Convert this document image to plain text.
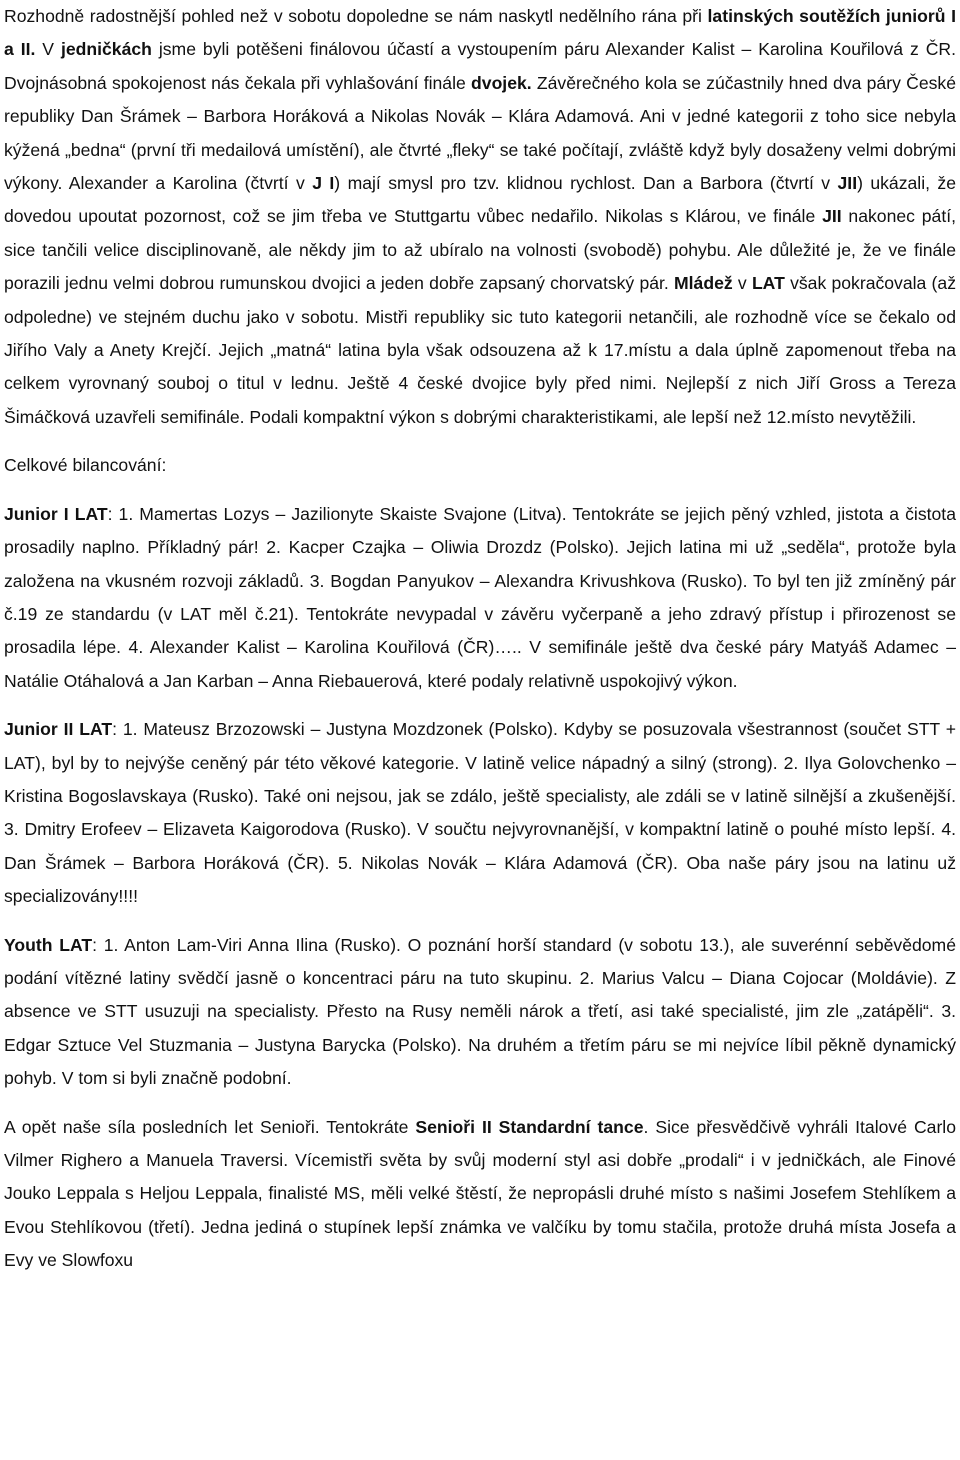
Rozhodně radostnější pohled než v sobotu dopoledne se nám naskytl nedělního rána při latinských soutěžích juniorů I a II. V jedničkách jsme byli potěšeni finálovou účastí a vystoupením páru Alexander Kalist – Karolina Kouřilová z ČR. Dvojnásobná spokojenost nás čekala při vyhlašování finále dvojek. Závěrečného kola se zúčastnily hned dva páry České republiky Dan Šrámek – Barbora Horáková a Nikolas Novák – Klára Adamová. Ani v jedné kategorii z toho sice nebyla kýžená „bedna“ (první tři medailová umístění), ale čtvrté „fleky“ se také počítají, zvláště když byly dosaženy velmi dobrými výkony. Alexander a Karolina (čtvrtí v J I) mají smysl pro tzv. klidnou rychlost. Dan a Barbora (čtvrtí v JII) ukázali, že dovedou upoutat pozornost, což se jim třeba ve Stuttgartu vůbec nedařilo. Nikolas s Klárou, ve finále JII nakonec pátí, sice tančili velice disciplinovaně, ale někdy jim to až ubíralo na volnosti (svobodě) pohybu. Ale důležité je, že ve finále porazili jednu velmi dobrou rumunskou dvojici a jeden dobře zapsaný chorvatský pár. Mládež v LAT však pokračovala (až odpoledne) ve stejném duchu jako v sobotu. Mistři republiky sic tuto kategorii netančili, ale rozhodně více se čekalo od Jiřího Valy a Anety Krejčí. Jejich „matná“ latina byla však odsouzena až k 17.místu a dala úplně zapomenout třeba na celkem vyrovnaný souboj o titul v lednu. Ještě 4 české dvojice byly před nimi. Nejlepší z nich Jiří Gross a Tereza Šimáčková uzavřeli semifinále. Podali kompaktní výkon s dobrými charakteristikami, ale lepší než 12.místo nevytěžili.

Celkové bilancování:

Junior I LAT: 1. Mamertas Lozys – Jazilionyte Skaiste Svajone (Litva). Tentokráte se jejich pěný vzhled, jistota a čistota prosadily naplno. Příkladný pár! 2. Kacper Czajka – Oliwia Drozdz (Polsko). Jejich latina mi už „seděla“, protože byla založena na vkusném rozvoji základů. 3. Bogdan Panyukov – Alexandra Krivushkova (Rusko). To byl ten již zmíněný pár č.19 ze standardu (v LAT měl č.21). Tentokráte nevypadal v závěru vyčerpaně a jeho zdravý přístup i přirozenost se prosadila lépe. 4. Alexander Kalist – Karolina Kouřilová (ČR)….. V semifinále ještě dva české páry Matyáš Adamec – Natálie Otáhalová a Jan Karban – Anna Riebauerová, které podaly relativně uspokojivý výkon.

Junior II LAT: 1. Mateusz Brzozowski – Justyna Mozdzonek (Polsko). Kdyby se posuzovala všestrannost (součet STT + LAT), byl by to nejvýše ceněný pár této věkové kategorie. V latině velice nápadný a silný (strong). 2. Ilya Golovchenko – Kristina Bogoslavskaya (Rusko). Také oni nejsou, jak se zdálo, ještě specialisty, ale zdáli se v latině silnější a zkušenější. 3. Dmitry Erofeev – Elizaveta Kaigorodova (Rusko). V součtu nejvyrovnanější, v kompaktní latině o pouhé místo lepší. 4. Dan Šrámek – Barbora Horáková (ČR). 5. Nikolas Novák – Klára Adamová (ČR). Oba naše páry jsou na latinu už specializovány!!!!

Youth LAT: 1. Anton Lam-Viri Anna Ilina (Rusko). O poznání horší standard (v sobotu 13.), ale suverénní seběvědomé podání vítězné latiny svědčí jasně o koncentraci páru na tuto skupinu. 2. Marius Valcu – Diana Cojocar (Moldávie). Z absence ve STT usuzuji na specialisty. Přesto na Rusy neměli nárok a třetí, asi také specialisté, jim zle „zatápěli“. 3. Edgar Sztuce Vel Stuzmania – Justyna Barycka (Polsko). Na druhém a třetím páru se mi nejvíce líbil pěkně dynamický pohyb. V tom si byli značně podobní.

A opět naše síla posledních let Senioři. Tentokráte Senioři II Standardní tance. Sice přesvědčivě vyhráli Italové Carlo Vilmer Righero a Manuela Traversi. Vícemistři světa by svůj moderní styl asi dobře „prodali“ i v jedničkách, ale Finové Jouko Leppala s Heljou Leppala, finalisté MS, měli velké štěstí, že nepropásli druhé místo s našimi Josefem Stehlíkem a Evou Stehlíkovou (třetí). Jedna jediná o stupínek lepší známka ve valčíku by tomu stačila, protože druhá místa Josefa a Evy ve Slowfoxu
